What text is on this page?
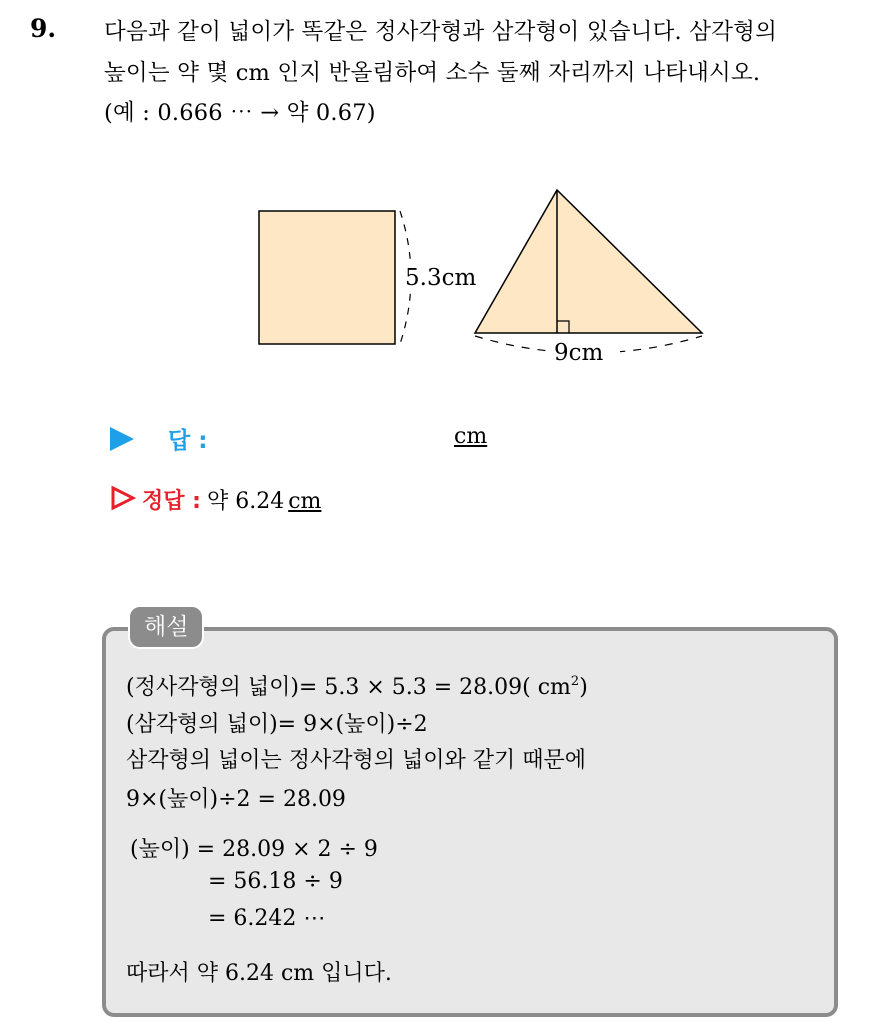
9. 다음과 같이 넓이가 똑같은 정사각형과 삼각형이 있습니다. 삼각형의
높이는 약 몇 cm 인지 반올림하여 소수 둘째 자리까지 나타내시오.
(예 : 0.666 ⋯ → 약 0.67)
5.3cm
9cm
답 :	cm
정답 : 약 6.24 cm
해설
(정사각형의 넓이)= 5.3 × 5.3 = 28.09( $cm^2$)
(삼각형의 넓이)= 9×(높이)÷2
삼각형의 넓이는 정사각형의 넓이와 같기 때문에
9×(높이)÷2 = 28.09
(높이) = 28.09 × 2 ÷ 9
= 56.18 ÷ 9
= 6.242 ⋯
따라서 약 6.24 cm 입니다.
